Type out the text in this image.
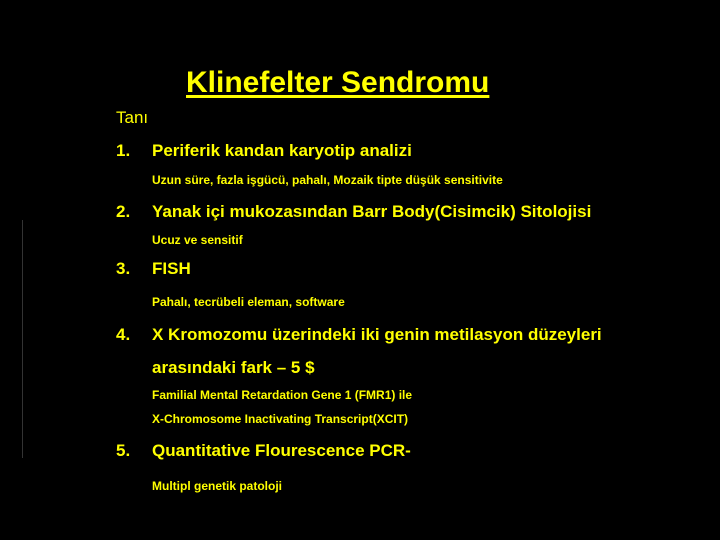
Klinefelter Sendromu
Tanı
1. Periferik kandan karyotip analizi
Uzun süre, fazla işgücü, pahalı, Mozaik tipte düşük sensitivite
2. Yanak içi mukozasından Barr Body(Cisimcik) Sitolojisi
Ucuz ve sensitif
3. FISH
Pahalı, tecrübeli eleman, software
4. X Kromozomu üzerindeki iki genin metilasyon düzeyleri
arasındaki fark – 5 $
Familial Mental Retardation Gene 1 (FMR1) ile
X-Chromosome Inactivating Transcript(XCIT)
5. Quantitative Flourescence PCR-
Multipl genetik patoloji
